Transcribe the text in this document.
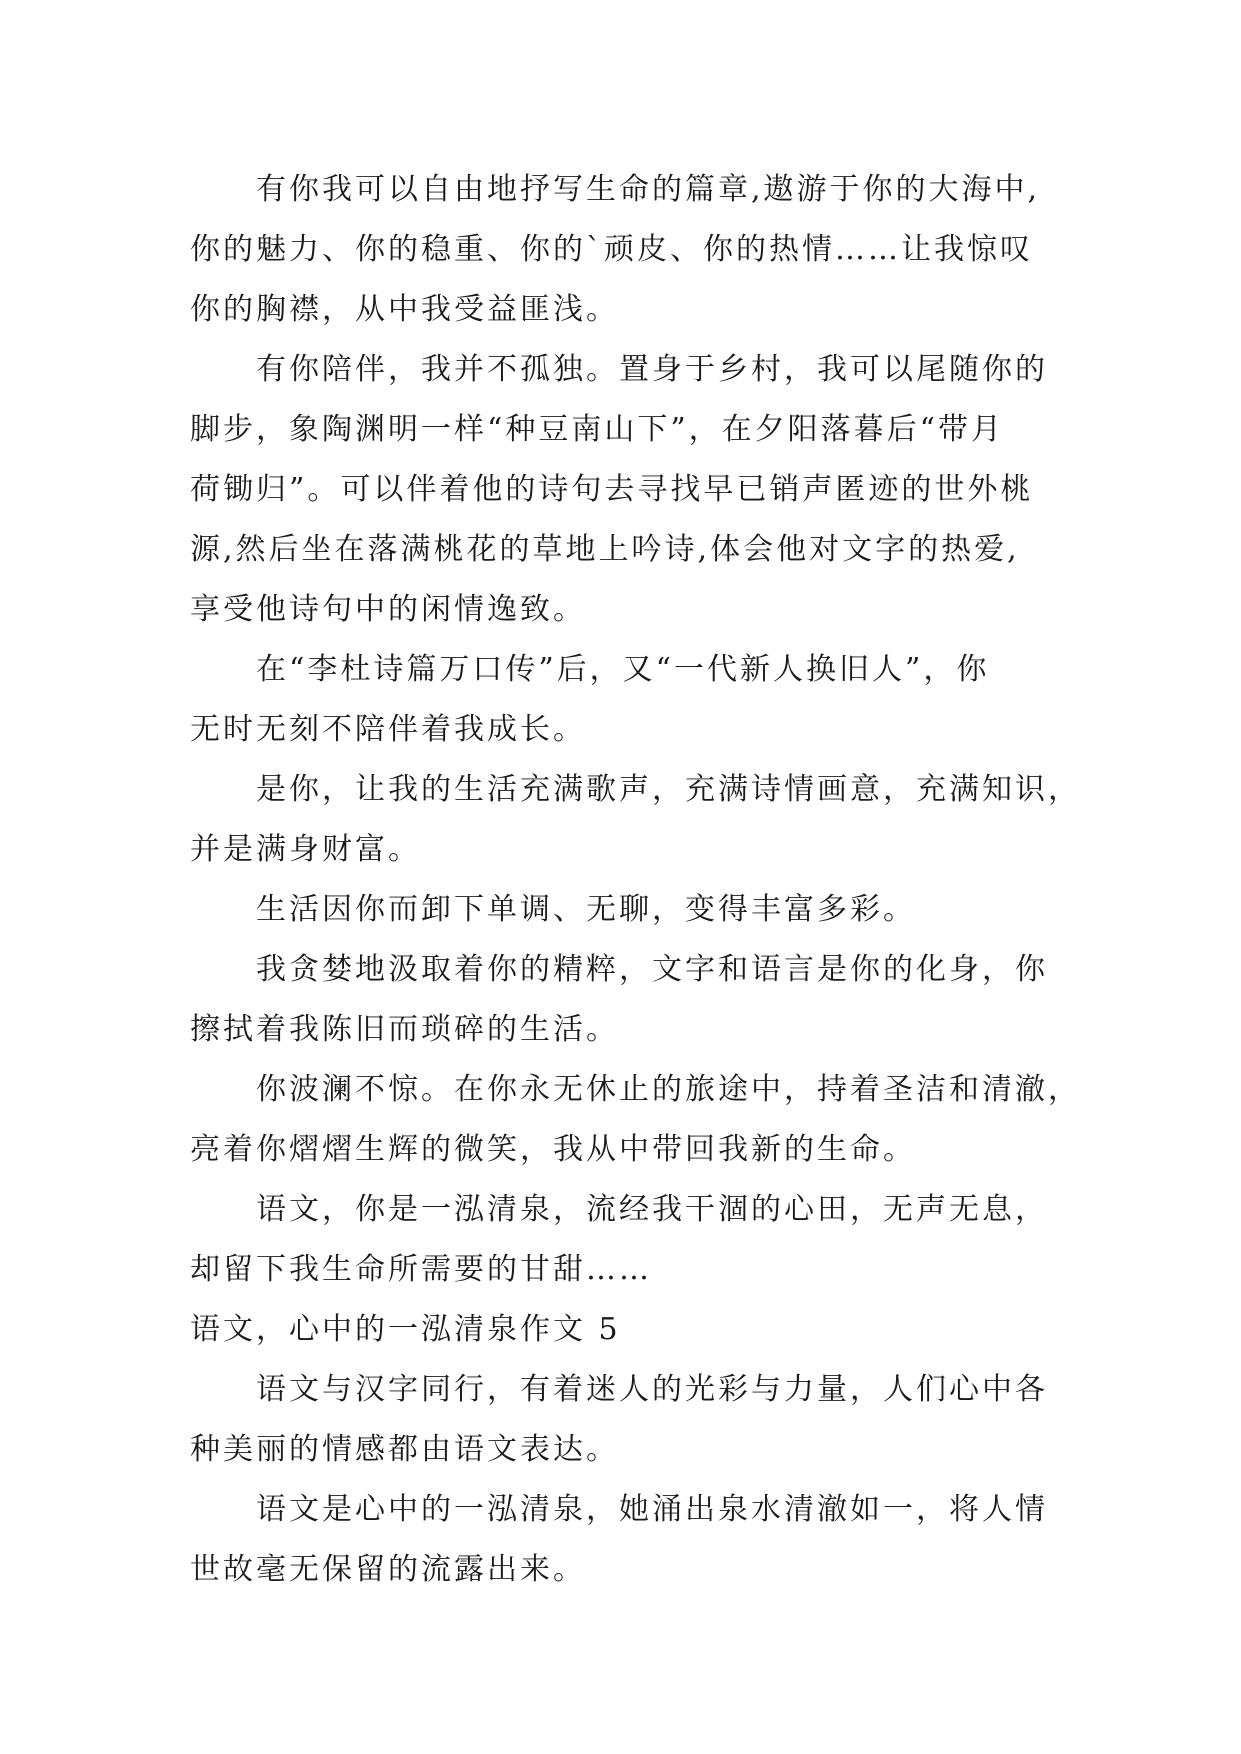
有你我可以自由地抒写生命的篇章,遨游于你的大海中,
你的魅力、你的稳重、你的`顽皮、你的热情……让我惊叹
你的胸襟，从中我受益匪浅。
有你陪伴，我并不孤独。置身于乡村，我可以尾随你的
脚步，象陶渊明一样“种豆南山下”，在夕阳落暮后“带月
荷锄归”。可以伴着他的诗句去寻找早已销声匿迹的世外桃
源,然后坐在落满桃花的草地上吟诗,体会他对文字的热爱,
享受他诗句中的闲情逸致。
在“李杜诗篇万口传”后，又“一代新人换旧人”，你
无时无刻不陪伴着我成长。
是你，让我的生活充满歌声，充满诗情画意，充满知识，
并是满身财富。
生活因你而卸下单调、无聊，变得丰富多彩。
我贪婪地汲取着你的精粹，文字和语言是你的化身，你
擦拭着我陈旧而琐碎的生活。
你波澜不惊。在你永无休止的旅途中，持着圣洁和清澈，
亮着你熠熠生辉的微笑，我从中带回我新的生命。
语文，你是一泓清泉，流经我干涸的心田，无声无息，
却留下我生命所需要的甘甜……
语文，心中的一泓清泉作文 5
语文与汉字同行，有着迷人的光彩与力量，人们心中各
种美丽的情感都由语文表达。
语文是心中的一泓清泉，她涌出泉水清澈如一，将人情
世故毫无保留的流露出来。
